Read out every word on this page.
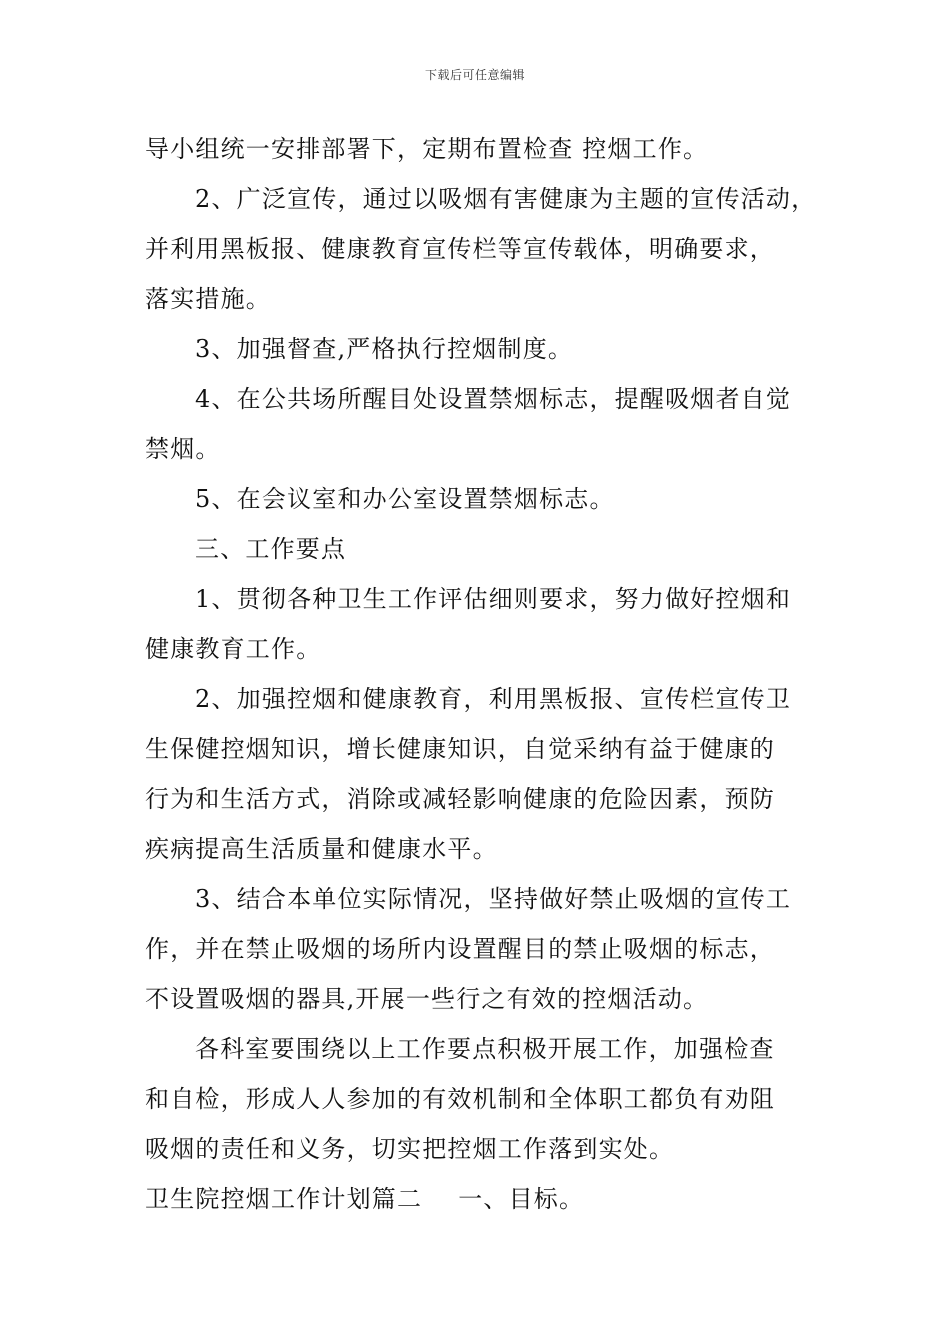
下载后可任意编辑
导小组统一安排部署下，定期布置检查 控烟工作。
2、广泛宣传，通过以吸烟有害健康为主题的宣传活动，
并利用黑板报、健康教育宣传栏等宣传载体，明确要求，
落实措施。
3、加强督查,严格执行控烟制度。
4、在公共场所醒目处设置禁烟标志，提醒吸烟者自觉
禁烟。
5、在会议室和办公室设置禁烟标志。
三、工作要点
1、贯彻各种卫生工作评估细则要求，努力做好控烟和
健康教育工作。
2、加强控烟和健康教育，利用黑板报、宣传栏宣传卫
生保健控烟知识，增长健康知识，自觉采纳有益于健康的
行为和生活方式，消除或减轻影响健康的危险因素，预防
疾病提高生活质量和健康水平。
3、结合本单位实际情况，坚持做好禁止吸烟的宣传工
作，并在禁止吸烟的场所内设置醒目的禁止吸烟的标志，
不设置吸烟的器具,开展一些行之有效的控烟活动。
各科室要围绕以上工作要点积极开展工作，加强检查
和自检，形成人人参加的有效机制和全体职工都负有劝阻
吸烟的责任和义务，切实把控烟工作落到实处。
卫生院控烟工作计划篇二 一、目标。
